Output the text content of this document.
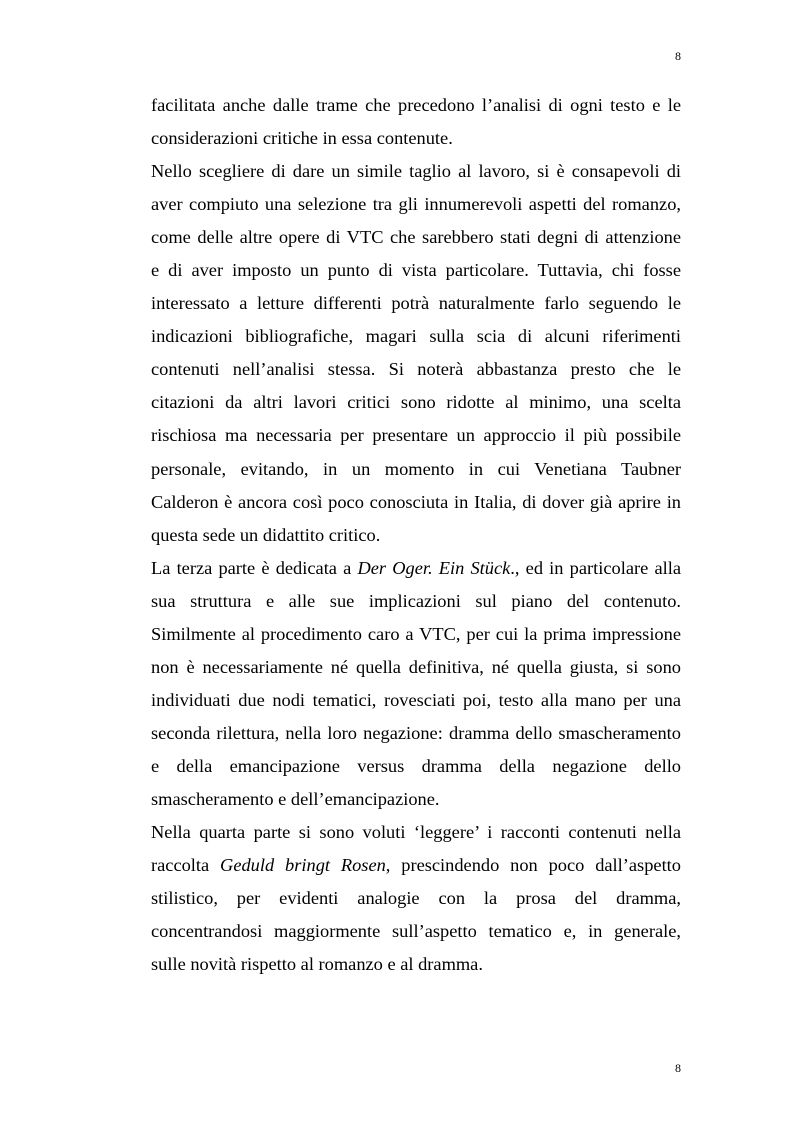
8
facilitata anche dalle trame che precedono l’analisi di ogni testo e le
considerazioni critiche in essa contenute.
Nello scegliere di dare un simile taglio al lavoro, si è consapevoli di
aver compiuto una selezione tra gli innumerevoli aspetti del romanzo,
come delle altre opere di VTC che sarebbero stati degni di attenzione
e di aver imposto un punto di vista particolare. Tuttavia, chi fosse
interessato a letture differenti potrà naturalmente farlo seguendo le
indicazioni bibliografiche, magari sulla scia di alcuni riferimenti
contenuti nell’analisi stessa. Si noterà abbastanza presto che le
citazioni da altri lavori critici sono ridotte al minimo, una scelta
rischiosa ma necessaria per presentare un approccio il più possibile
personale, evitando, in un momento in cui Venetiana Taubner
Calderon è ancora così poco conosciuta in Italia, di dover già aprire in
questa sede un didattito critico.
La terza parte è dedicata a Der Oger. Ein Stück., ed in particolare alla
sua struttura e alle sue implicazioni sul piano del contenuto.
Similmente al procedimento caro a VTC, per cui la prima impressione
non è necessariamente né quella definitiva, né quella giusta, si sono
individuati due nodi tematici, rovesciati poi, testo alla mano per una
seconda rilettura, nella loro negazione: dramma dello smascheramento
e della emancipazione versus dramma della negazione dello
smascheramento e dell’emancipazione.
Nella quarta parte si sono voluti ‘leggere’ i racconti contenuti nella
raccolta Geduld bringt Rosen, prescindendo non poco dall’aspetto
stilistico, per evidenti analogie con la prosa del dramma,
concentrandosi maggiormente sull’aspetto tematico e, in generale,
sulle novità rispetto al romanzo e al dramma.
8
